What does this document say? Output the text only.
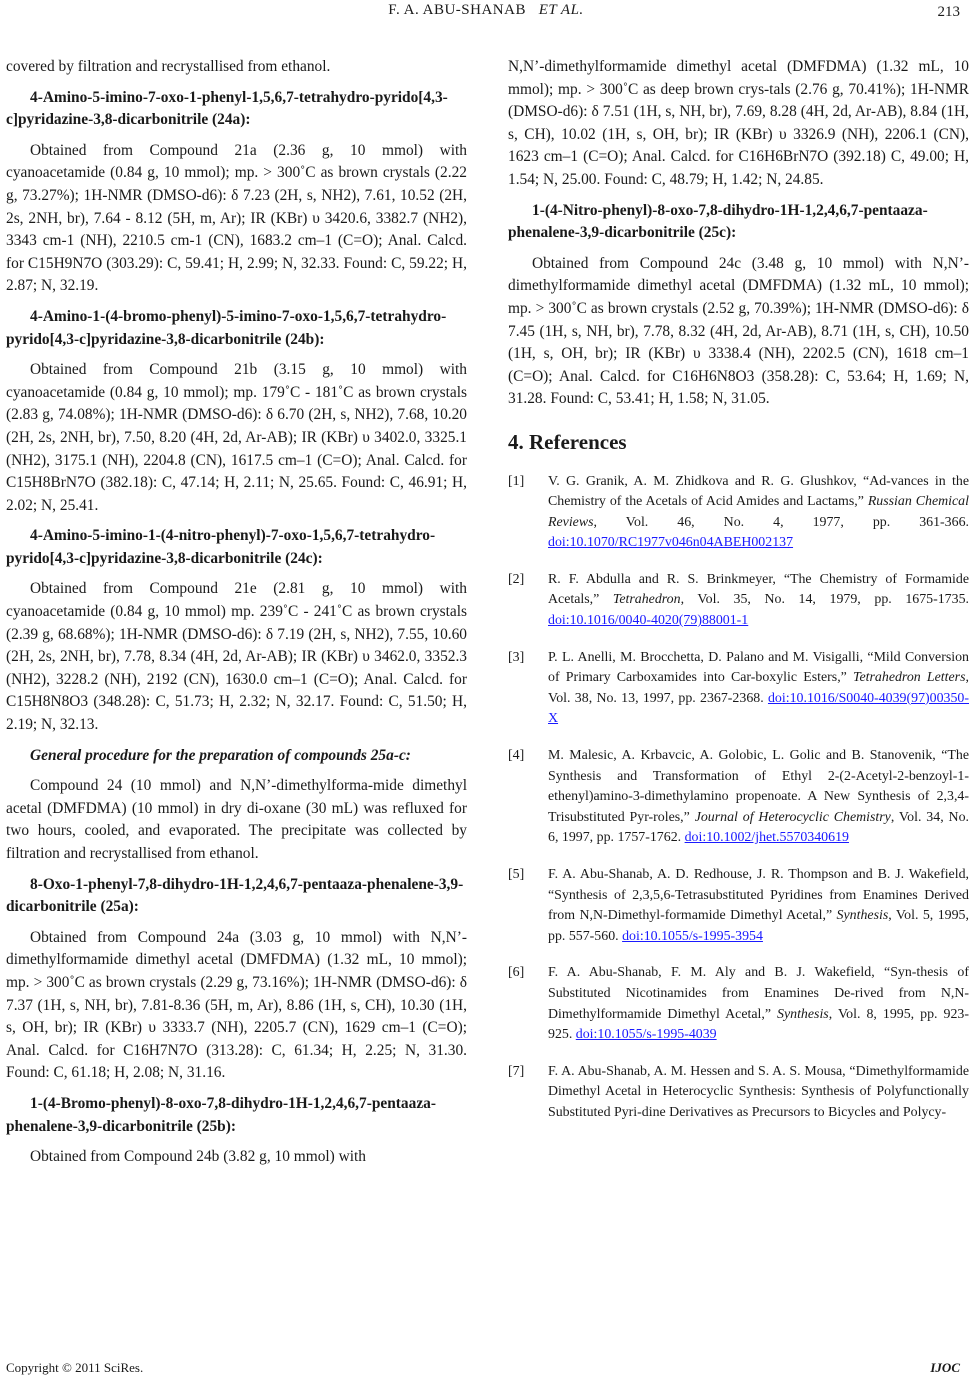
F. A. ABU-SHANAB ET AL.	213

covered by filtration and recrystallised from ethanol.

4-Amino-5-imino-7-oxo-1-phenyl-1,5,6,7-tetrahydro-pyrido[4,3-c]pyridazine-3,8-dicarbonitrile (24a):

Obtained from Compound 21a (2.36 g, 10 mmol) with cyanoacetamide (0.84 g, 10 mmol); mp. > 300˚C as brown crystals (2.22 g, 73.27%); 1H-NMR (DMSO-d6): δ 7.23 (2H, s, NH2), 7.61, 10.52 (2H, 2s, 2NH, br), 7.64 - 8.12 (5H, m, Ar); IR (KBr) υ 3420.6, 3382.7 (NH2), 3343 cm-1 (NH), 2210.5 cm-1 (CN), 1683.2 cm–1 (C=O); Anal. Calcd. for C15H9N7O (303.29): C, 59.41; H, 2.99; N, 32.33. Found: C, 59.22; H, 2.87; N, 32.19.

4-Amino-1-(4-bromo-phenyl)-5-imino-7-oxo-1,5,6,7-tetrahydro-pyrido[4,3-c]pyridazine-3,8-dicarbonitrile (24b):

Obtained from Compound 21b (3.15 g, 10 mmol) with cyanoacetamide (0.84 g, 10 mmol); mp. 179˚C - 181˚C as brown crystals (2.83 g, 74.08%); 1H-NMR (DMSO-d6): δ 6.70 (2H, s, NH2), 7.68, 10.20 (2H, 2s, 2NH, br), 7.50, 8.20 (4H, 2d, Ar-AB); IR (KBr) υ 3402.0, 3325.1 (NH2), 3175.1 (NH), 2204.8 (CN), 1617.5 cm–1 (C=O); Anal. Calcd. for C15H8BrN7O (382.18): C, 47.14; H, 2.11; N, 25.65. Found: C, 46.91; H, 2.02; N, 25.41.

4-Amino-5-imino-1-(4-nitro-phenyl)-7-oxo-1,5,6,7-tetrahydro-pyrido[4,3-c]pyridazine-3,8-dicarbonitrile (24c):

Obtained from Compound 21e (2.81 g, 10 mmol) with cyanoacetamide (0.84 g, 10 mmol) mp. 239˚C - 241˚C as brown crystals (2.39 g, 68.68%); 1H-NMR (DMSO-d6): δ 7.19 (2H, s, NH2), 7.55, 10.60 (2H, 2s, 2NH, br), 7.78, 8.34 (4H, 2d, Ar-AB); IR (KBr) υ 3462.0, 3352.3 (NH2), 3228.2 (NH), 2192 (CN), 1630.0 cm–1 (C=O); Anal. Calcd. for C15H8N8O3 (348.28): C, 51.73; H, 2.32; N, 32.17. Found: C, 51.50; H, 2.19; N, 32.13.

General procedure for the preparation of compounds 25a-c:

Compound 24 (10 mmol) and N,N’-dimethylforma-mide dimethyl acetal (DMFDMA) (10 mmol) in dry di-oxane (30 mL) was refluxed for two hours, cooled, and evaporated. The precipitate was collected by filtration and recrystallised from ethanol.

8-Oxo-1-phenyl-7,8-dihydro-1H-1,2,4,6,7-pentaaza-phenalene-3,9-dicarbonitrile (25a):

Obtained from Compound 24a (3.03 g, 10 mmol) with N,N’-dimethylformamide dimethyl acetal (DMFDMA) (1.32 mL, 10 mmol); mp. > 300˚C as brown crystals (2.29 g, 73.16%); 1H-NMR (DMSO-d6): δ 7.37 (1H, s, NH, br), 7.81-8.36 (5H, m, Ar), 8.86 (1H, s, CH), 10.30 (1H, s, OH, br); IR (KBr) υ 3333.7 (NH), 2205.7 (CN), 1629 cm–1 (C=O); Anal. Calcd. for C16H7N7O (313.28): C, 61.34; H, 2.25; N, 31.30. Found: C, 61.18; H, 2.08; N, 31.16.

1-(4-Bromo-phenyl)-8-oxo-7,8-dihydro-1H-1,2,4,6,7-pentaaza-phenalene-3,9-dicarbonitrile (25b):

Obtained from Compound 24b (3.82 g, 10 mmol) with

N,N’-dimethylformamide dimethyl acetal (DMFDMA) (1.32 mL, 10 mmol); mp. > 300˚C as deep brown crys-tals (2.76 g, 70.41%); 1H-NMR (DMSO-d6): δ 7.51 (1H, s, NH, br), 7.69, 8.28 (4H, 2d, Ar-AB), 8.84 (1H, s, CH), 10.02 (1H, s, OH, br); IR (KBr) υ 3326.9 (NH), 2206.1 (CN), 1623 cm–1 (C=O); Anal. Calcd. for C16H6BrN7O (392.18) C, 49.00; H, 1.54; N, 25.00. Found: C, 48.79; H, 1.42; N, 24.85.

1-(4-Nitro-phenyl)-8-oxo-7,8-dihydro-1H-1,2,4,6,7-pentaaza-phenalene-3,9-dicarbonitrile (25c):

Obtained from Compound 24c (3.48 g, 10 mmol) with N,N’-dimethylformamide dimethyl acetal (DMFDMA) (1.32 mL, 10 mmol); mp. > 300˚C as brown crystals (2.52 g, 70.39%); 1H-NMR (DMSO-d6): δ 7.45 (1H, s, NH, br), 7.78, 8.32 (4H, 2d, Ar-AB), 8.71 (1H, s, CH), 10.50 (1H, s, OH, br); IR (KBr) υ 3338.4 (NH), 2202.5 (CN), 1618 cm–1 (C=O); Anal. Calcd. for C16H6N8O3 (358.28): C, 53.64; H, 1.69; N, 31.28. Found: C, 53.41; H, 1.58; N, 31.05.

4. References
[1] V. G. Granik, A. M. Zhidkova and R. G. Glushkov, “Ad-vances in the Chemistry of the Acetals of Acid Amides and Lactams,” Russian Chemical Reviews, Vol. 46, No. 4, 1977, pp. 361-366. doi:10.1070/RC1977v046n04ABEH002137
[2] R. F. Abdulla and R. S. Brinkmeyer, “The Chemistry of Formamide Acetals,” Tetrahedron, Vol. 35, No. 14, 1979, pp. 1675-1735. doi:10.1016/0040-4020(79)88001-1
[3] P. L. Anelli, M. Brocchetta, D. Palano and M. Visigalli, “Mild Conversion of Primary Carboxamides into Car-boxylic Esters,” Tetrahedron Letters, Vol. 38, No. 13, 1997, pp. 2367-2368. doi:10.1016/S0040-4039(97)00350-X
[4] M. Malesic, A. Krbavcic, A. Golobic, L. Golic and B. Stanovenik, “The Synthesis and Transformation of Ethyl 2-(2-Acetyl-2-benzoyl-1-ethenyl)amino-3-dimethylamino propenoate. A New Synthesis of 2,3,4-Trisubstituted Pyr-roles,” Journal of Heterocyclic Chemistry, Vol. 34, No. 6, 1997, pp. 1757-1762. doi:10.1002/jhet.5570340619
[5] F. A. Abu-Shanab, A. D. Redhouse, J. R. Thompson and B. J. Wakefield, “Synthesis of 2,3,5,6-Tetrasubstituted Pyridines from Enamines Derived from N,N-Dimethyl-formamide Dimethyl Acetal,” Synthesis, Vol. 5, 1995, pp. 557-560. doi:10.1055/s-1995-3954
[6] F. A. Abu-Shanab, F. M. Aly and B. J. Wakefield, “Syn-thesis of Substituted Nicotinamides from Enamines De-rived from N,N-Dimethylformamide Dimethyl Acetal,” Synthesis, Vol. 8, 1995, pp. 923-925. doi:10.1055/s-1995-4039
[7] F. A. Abu-Shanab, A. M. Hessen and S. A. S. Mousa, “Dimethylformamide Dimethyl Acetal in Heterocyclic Synthesis: Synthesis of Polyfunctionally Substituted Pyri-dine Derivatives as Precursors to Bicycles and Polycy-
Copyright © 2011 SciRes.	IJOC
